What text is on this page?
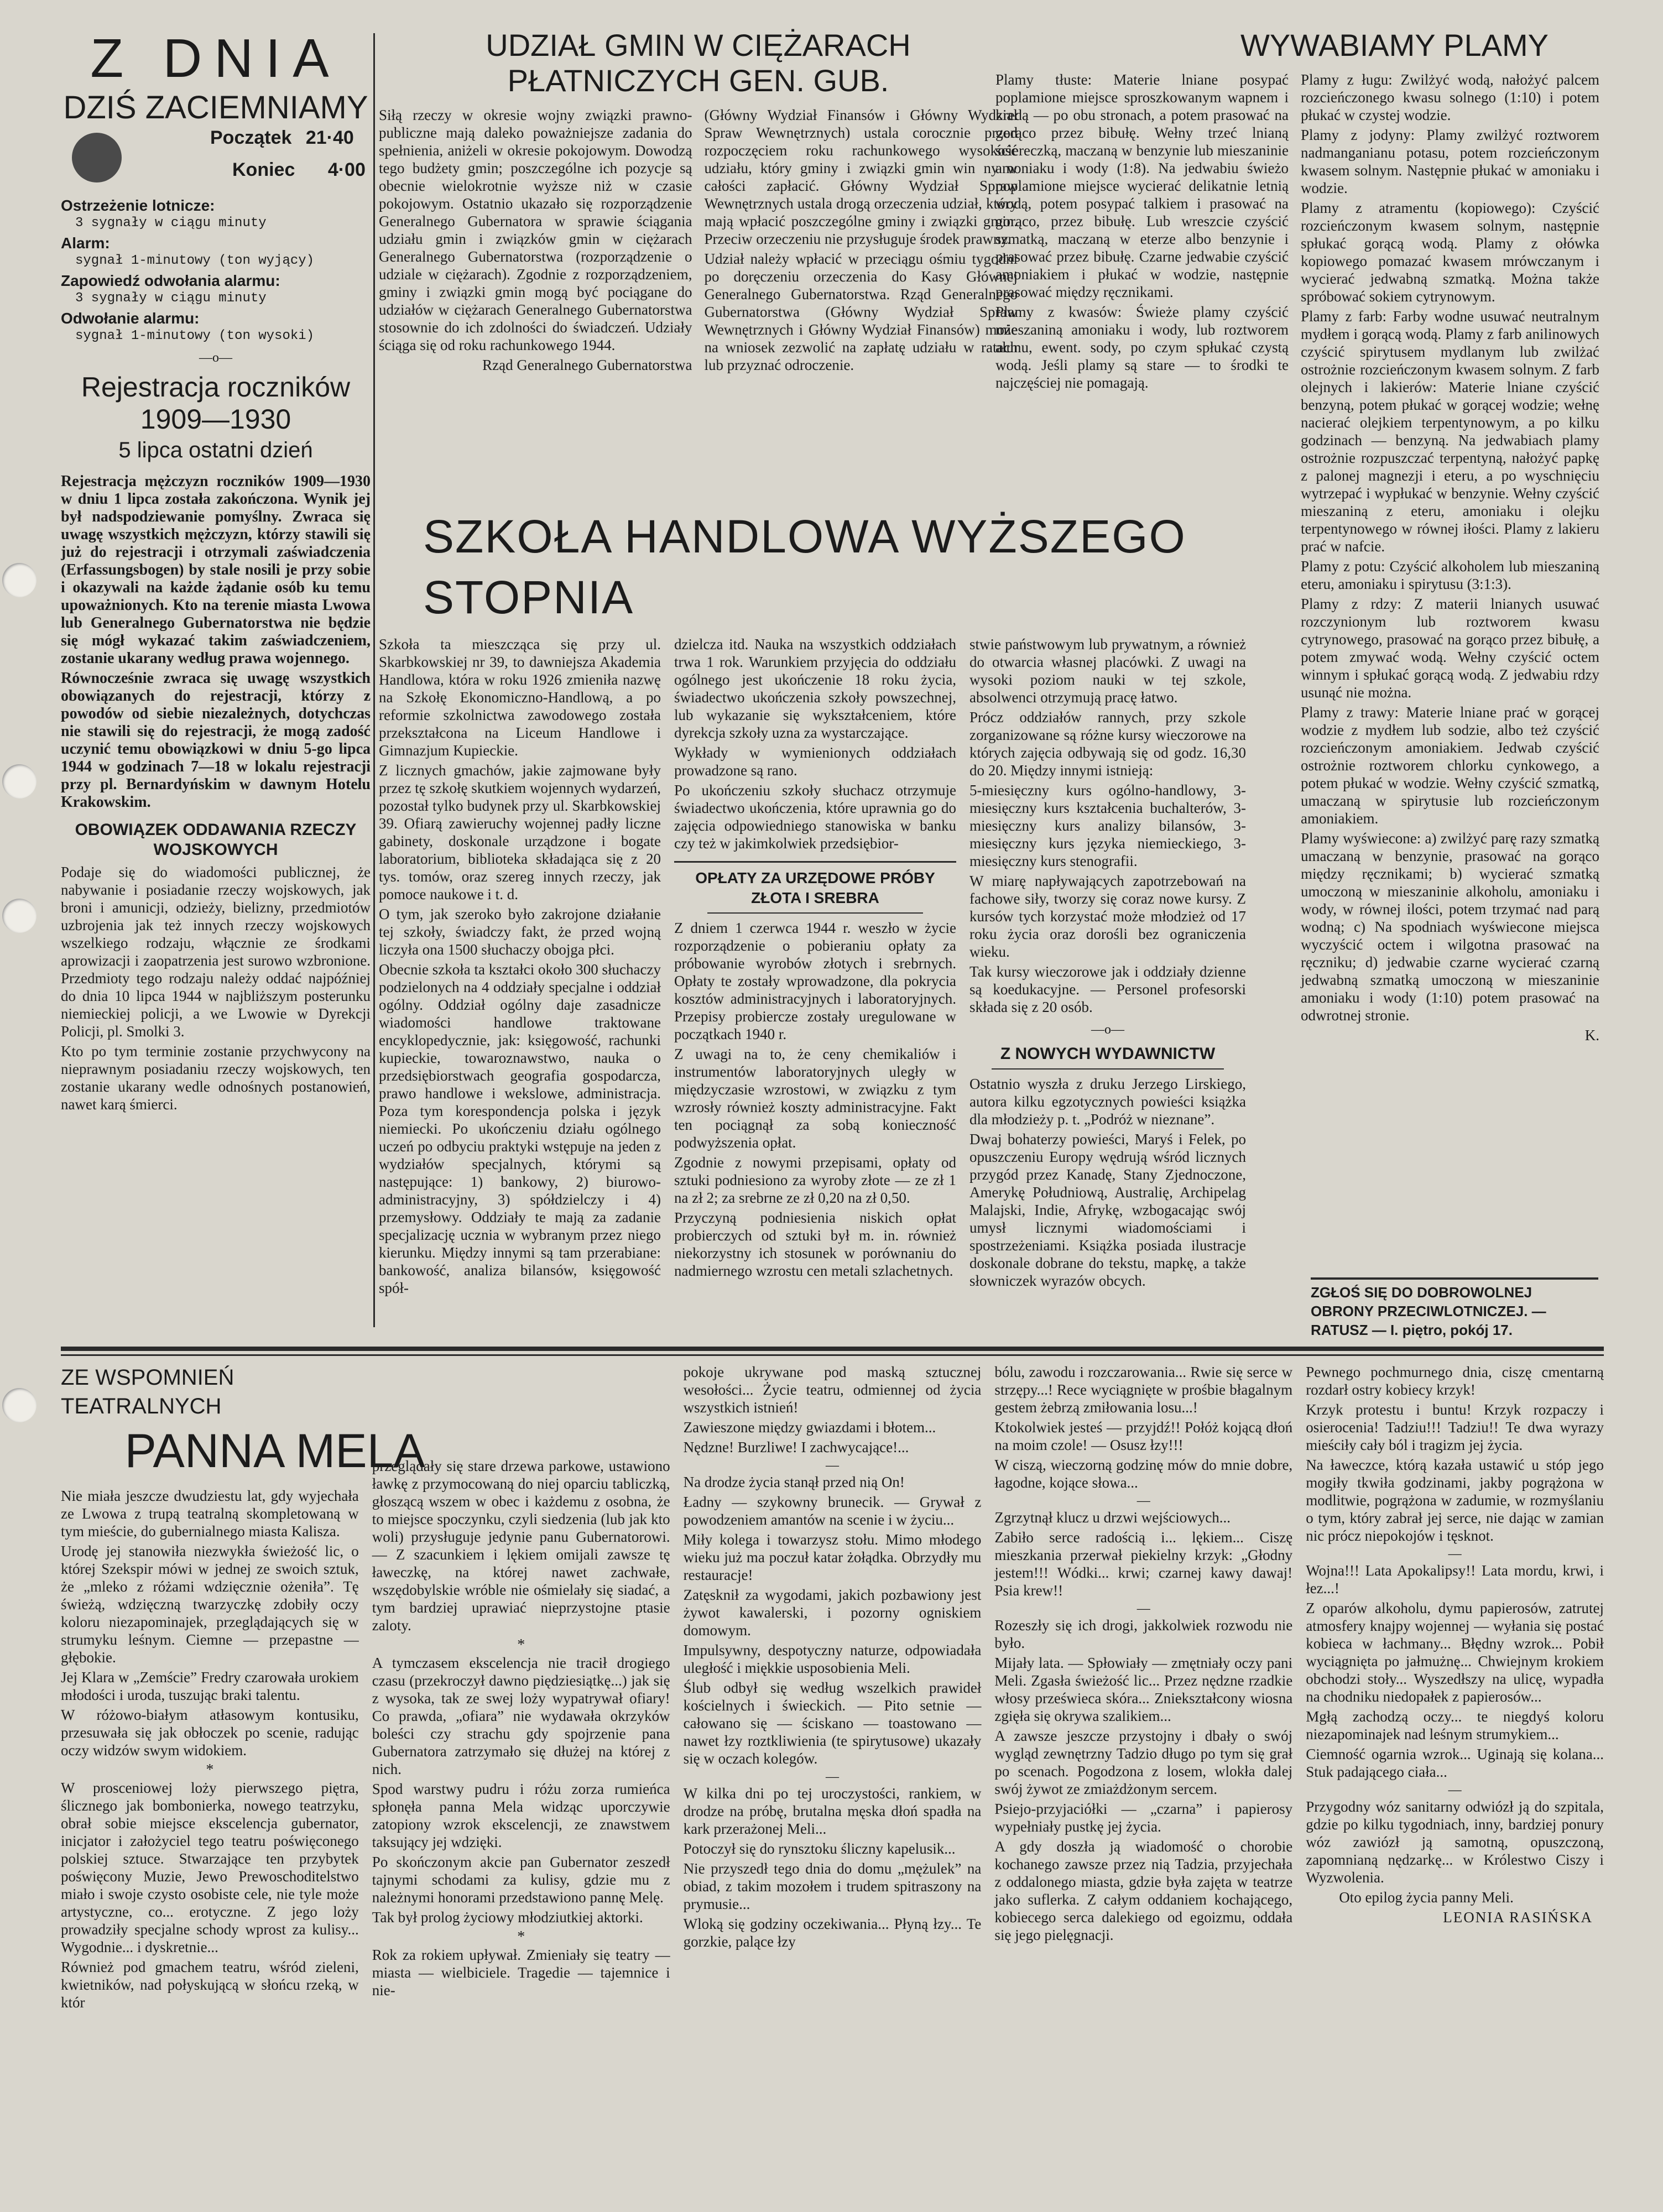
Z DNIA
DZIŚ ZACIEMNIAMY
Początek 21·40
Koniec 4·00
Ostrzeżenie lotnicze:
3 sygnały w ciągu minuty
Alarm:
sygnał 1-minutowy (ton wyjący)
Zapowiedź odwołania alarmu:
3 sygnały w ciągu minuty
Odwołanie alarmu:
sygnał 1-minutowy (ton wysoki)
—o—
Rejestracja roczników 1909—1930
5 lipca ostatni dzień

Rejestracja mężczyzn roczników 1909—1930 w dniu 1 lipca została zakończona. Wynik jej był nadspodziewanie pomyślny. Zwraca się uwagę wszystkich mężczyzn, którzy stawili się już do rejestracji i otrzymali zaświadczenia (Erfassungsbogen) by stale nosili je przy sobie i okazywali na każde żądanie osób ku temu upoważnionych. Kto na terenie miasta Lwowa lub Generalnego Gubernatorstwa nie będzie się mógł wykazać takim zaświadczeniem, zostanie ukarany według prawa wojennego.

Równocześnie zwraca się uwagę wszystkich obowiązanych do rejestracji, którzy z powodów od siebie niezależnych, dotychczas nie stawili się do rejestracji, że mogą zadość uczynić temu obowiązkowi w dniu 5-go lipca 1944 w godzinach 7—18 w lokalu rejestracji przy pl. Bernardyńskim w dawnym Hotelu Krakowskim.

OBOWIĄZEK ODDAWANIA RZECZY WOJSKOWYCH

Podaje się do wiadomości publicznej, że nabywanie i posiadanie rzeczy wojskowych, jak broni i amunicji, odzieży, bielizny, przedmiotów uzbrojenia jak też innych rzeczy wojskowych wszelkiego rodzaju, włącznie ze środkami aprowizacji i zaopatrzenia jest surowo wzbronione. Przedmioty tego rodzaju należy oddać najpóźniej do dnia 10 lipca 1944 w najbliższym posterunku niemieckiej policji, a we Lwowie w Dyrekcji Policji, pl. Smolki 3.

Kto po tym terminie zostanie przychwycony na nieprawnym posiadaniu rzeczy wojskowych, ten zostanie ukarany wedle odnośnych postanowień, nawet karą śmierci.

UDZIAŁ GMIN W CIĘŻARACH PŁATNICZYCH GEN. GUB.

Siłą rzeczy w okresie wojny związki prawno-publiczne mają daleko poważniejsze zadania do spełnienia, aniżeli w okresie pokojowym. Dowodzą tego budżety gmin; poszczególne ich pozycje są obecnie wielokrotnie wyższe niż w czasie pokojowym. Ostatnio ukazało się rozporządzenie Generalnego Gubernatora w sprawie ściągania udziału gmin i związków gmin w ciężarach Generalnego Gubernatorstwa (rozporządzenie o udziale w ciężarach). Zgodnie z rozporządzeniem, gminy i związki gmin mogą być pociągane do udziałów w ciężarach Generalnego Gubernatorstwa stosownie do ich zdolności do świadczeń. Udziały ściąga się od roku rachunkowego 1944.

Rząd Generalnego Gubernatorstwa

(Główny Wydział Finansów i Główny Wydział Spraw Wewnętrznych) ustala corocznie przed rozpoczęciem roku rachunkowego wysokość udziału, który gminy i związki gmin win ny w całości zapłacić. Główny Wydział Spraw Wewnętrznych ustala drogą orzeczenia udział, który mają wpłacić poszczególne gminy i związki gmin. Przeciw orzeczeniu nie przysługuje środek prawny.

Udział należy wpłacić w przeciągu ośmiu tygodni po doręczeniu orzeczenia do Kasy Głównej Generalnego Gubernatorstwa. Rząd Generalnego Gubernatorstwa (Główny Wydział Spraw Wewnętrznych i Główny Wydział Finansów) może na wniosek zezwolić na zapłatę udziału w ratach lub przyznać odroczenie.

SZKOŁA HANDLOWA WYŻSZEGO STOPNIA

Szkoła ta mieszcząca się przy ul. Skarbkowskiej nr 39, to dawniejsza Akademia Handlowa, która w roku 1926 zmieniła nazwę na Szkołę Ekonomiczno-Handlową, a po reformie szkolnictwa zawodowego została przekształcona na Liceum Handlowe i Gimnazjum Kupieckie.

Z licznych gmachów, jakie zajmowane były przez tę szkołę skutkiem wojennych wydarzeń, pozostał tylko budynek przy ul. Skarbkowskiej 39. Ofiarą zawieruchy wojennej padły liczne gabinety, doskonale urządzone i bogate laboratorium, biblioteka składająca się z 20 tys. tomów, oraz szereg innych rzeczy, jak pomoce naukowe i t. d.

O tym, jak szeroko było zakrojone działanie tej szkoły, świadczy fakt, że przed wojną liczyła ona 1500 słuchaczy obojga płci.

Obecnie szkoła ta kształci około 300 słuchaczy podzielonych na 4 oddziały specjalne i oddział ogólny. Oddział ogólny daje zasadnicze wiadomości handlowe traktowane encyklopedycznie, jak: księgowość, rachunki kupieckie, towaroznawstwo, nauka o przedsiębiorstwach geografia gospodarcza, prawo handlowe i wekslowe, administracja. Poza tym korespondencja polska i język niemiecki. Po ukończeniu działu ogólnego uczeń po odbyciu praktyki wstępuje na jeden z wydziałów specjalnych, którymi są następujące: 1) bankowy, 2) biurowo-administracyjny, 3) spółdzielczy i 4) przemysłowy. Oddziały te mają za zadanie specjalizację ucznia w wybranym przez niego kierunku. Między innymi są tam przerabiane: bankowość, analiza bilansów, księgowość spół-

dzielcza itd. Nauka na wszystkich oddziałach trwa 1 rok. Warunkiem przyjęcia do oddziału ogólnego jest ukończenie 18 roku życia, świadectwo ukończenia szkoły powszechnej, lub wykazanie się wykształceniem, które dyrekcja szkoły uzna za wystarczające.

Wykłady w wymienionych oddziałach prowadzone są rano.

Po ukończeniu szkoły słuchacz otrzymuje świadectwo ukończenia, które uprawnia go do zajęcia odpowiedniego stanowiska w banku czy też w jakimkolwiek przedsiębior-

OPŁATY ZA URZĘDOWE PRÓBY ZŁOTA I SREBRA

Z dniem 1 czerwca 1944 r. weszło w życie rozporządzenie o pobieraniu opłaty za próbowanie wyrobów złotych i srebrnych. Opłaty te zostały wprowadzone, dla pokrycia kosztów administracyjnych i laboratoryjnych. Przepisy probiercze zostały uregulowane w początkach 1940 r.

Z uwagi na to, że ceny chemikaliów i instrumentów laboratoryjnych uległy w międzyczasie wzrostowi, w związku z tym wzrosły również koszty administracyjne. Fakt ten pociągnął za sobą konieczność podwyższenia opłat.

Zgodnie z nowymi przepisami, opłaty od sztuki podniesiono za wyroby złote — ze zł 1 na zł 2; za srebrne ze zł 0,20 na zł 0,50.

Przyczyną podniesienia niskich opłat probierczych od sztuki był m. in. również niekorzystny ich stosunek w porównaniu do nadmiernego wzrostu cen metali szlachetnych.

stwie państwowym lub prywatnym, a również do otwarcia własnej placówki. Z uwagi na wysoki poziom nauki w tej szkole, absolwenci otrzymują pracę łatwo.

Prócz oddziałów rannych, przy szkole zorganizowane są różne kursy wieczorowe na których zajęcia odbywają się od godz. 16,30 do 20. Między innymi istnieją:

5-miesięczny kurs ogólno-handlowy, 3-miesięczny kurs kształcenia buchalterów, 3-miesięczny kurs analizy bilansów, 3-miesięczny kurs języka niemieckiego, 3-miesięczny kurs stenografii.

W miarę napływających zapotrzebowań na fachowe siły, tworzy się coraz nowe kursy. Z kursów tych korzystać może młodzież od 17 roku życia oraz dorośli bez ograniczenia wieku.

Tak kursy wieczorowe jak i oddziały dzienne są koedukacyjne. — Personel profesorski składa się z 20 osób.

—o—
Z NOWYCH WYDAWNICTW

Ostatnio wyszła z druku Jerzego Lirskiego, autora kilku egzotycznych powieści książka dla młodzieży p. t. „Podróż w nieznane”.

Dwaj bohaterzy powieści, Maryś i Felek, po opuszczeniu Europy wędrują wśród licznych przygód przez Kanadę, Stany Zjednoczone, Amerykę Południową, Australię, Archipelag Malajski, Indie, Afrykę, wzbogacając swój umysł licznymi wiadomościami i spostrzeżeniami. Książka posiada ilustracje doskonale dobrane do tekstu, mapkę, a także słowniczek wyrazów obcych.

WYWABIAMY PLAMY

Plamy tłuste: Materie lniane posypać poplamione miejsce sproszkowanym wapnem i kredą — po obu stronach, a potem prasować na gorąco przez bibułę. Wełny trzeć lnianą ściereczką, maczaną w benzynie lub mieszaninie amoniaku i wody (1:8). Na jedwabiu świeżo poplamione miejsce wycierać delikatnie letnią wodą, potem posypać talkiem i prasować na gorąco, przez bibułę. Lub wreszcie czyścić szmatką, maczaną w eterze albo benzynie i prasować przez bibułę. Czarne jedwabie czyścić amoniakiem i płukać w wodzie, następnie prasować między ręcznikami.

Plamy z kwasów: Świeże plamy czyścić mieszaniną amoniaku i wody, lub roztworem ałunu, ewent. sody, po czym spłukać czystą wodą. Jeśli plamy są stare — to środki te najczęściej nie pomagają.

Plamy z ługu: Zwilżyć wodą, nałożyć palcem rozcieńczonego kwasu solnego (1:10) i potem płukać w czystej wodzie.

Plamy z jodyny: Plamy zwilżyć roztworem nadmanganianu potasu, potem rozcieńczonym kwasem solnym. Następnie płukać w amoniaku i wodzie.

Plamy z atramentu (kopiowego): Czyścić rozcieńczonym kwasem solnym, następnie spłukać gorącą wodą. Plamy z ołówka kopiowego pomazać kwasem mrówczanym i wycierać jedwabną szmatką. Można także spróbować sokiem cytrynowym.

Plamy z farb: Farby wodne usuwać neutralnym mydłem i gorącą wodą. Plamy z farb anilinowych czyścić spirytusem mydlanym lub zwilżać ostrożnie rozcieńczonym kwasem solnym. Z farb olejnych i lakierów: Materie lniane czyścić benzyną, potem płukać w gorącej wodzie; wełnę nacierać olejkiem terpentynowym, a po kilku godzinach — benzyną. Na jedwabiach plamy ostrożnie rozpuszczać terpentyną, nałożyć papkę z palonej magnezji i eteru, a po wyschnięciu wytrzepać i wypłukać w benzynie. Wełny czyścić mieszaniną z eteru, amoniaku i olejku terpentynowego w równej iłości. Plamy z lakieru prać w nafcie.

Plamy z potu: Czyścić alkoholem lub mieszaniną eteru, amoniaku i spirytusu (3:1:3).

Plamy z rdzy: Z materii lnianych usuwać rozczynionym lub roztworem kwasu cytrynowego, prasować na gorąco przez bibułę, a potem zmywać wodą. Wełny czyścić octem winnym i spłukać gorącą wodą. Z jedwabiu rdzy usunąć nie można.

Plamy z trawy: Materie lniane prać w gorącej wodzie z mydłem lub sodzie, albo też czyścić rozcieńczonym amoniakiem. Jedwab czyścić ostrożnie roztworem chlorku cynkowego, a potem płukać w wodzie. Wełny czyścić szmatką, umaczaną w spirytusie lub rozcieńczonym amoniakiem.

Plamy wyświecone: a) zwilżyć parę razy szmatką umaczaną w benzynie, prasować na gorąco między ręcznikami; b) wycierać szmatką umoczoną w mieszaninie alkoholu, amoniaku i wody, w równej ilości, potem trzymać nad parą wodną; c) Na spodniach wyświecone miejsca wyczyścić octem i wilgotna prasować na ręczniku; d) jedwabie czarne wycierać czarną jedwabną szmatką umoczoną w mieszaninie amoniaku i wody (1:10) potem prasować na odwrotnej stronie.

K.

ZGŁOŚ SIĘ DO DOBROWOLNEJ OBRONY PRZECIWLOTNICZEJ. — RATUSZ — I. piętro, pokój 17.
ZE WSPOMNIEŃ TEATRALNYCH
PANNA MELA

Nie miała jeszcze dwudziestu lat, gdy wyjechała ze Lwowa z trupą teatralną skompletowaną w tym mieście, do gubernialnego miasta Kalisza.

Urodę jej stanowiła niezwykła świeżość lic, o której Szekspir mówi w jednej ze swoich sztuk, że „mleko z różami wdzięcznie ożeniła”. Tę świeżą, wdzięczną twarzyczkę zdobiły oczy koloru niezapominajek, przeglądających się w strumyku leśnym. Ciemne — przepastne — głębokie.

Jej Klara w „Zemście” Fredry czarowała urokiem młodości i uroda, tuszując braki talentu.

W różowo-białym atłasowym kontusiku, przesuwała się jak obłoczek po scenie, radując oczy widzów swym widokiem.

*

W prosceniowej loży pierwszego piętra, ślicznego jak bombonierka, nowego teatrzyku, obrał sobie miejsce ekscelencja gubernator, inicjator i założyciel tego teatru poświęconego polskiej sztuce. Stwarzające ten przybytek poświęcony Muzie, Jewo Prewoschoditelstwo miało i swoje czysto osobiste cele, nie tyle może artystyczne, co... erotyczne. Z jego loży prowadziły specjalne schody wprost za kulisy... Wygodnie... i dyskretnie...

Również pod gmachem teatru, wśród zieleni, kwietników, nad połyskującą w słońcu rzeką, w któr

przeglądały się stare drzewa parkowe, ustawiono ławkę z przymocowaną do niej oparciu tabliczką, głoszącą wszem w obec i każdemu z osobna, że to miejsce spoczynku, czyli siedzenia (lub jak kto woli) przysługuje jedynie panu Gubernatorowi. — Z szacunkiem i lękiem omijali zawsze tę ławeczkę, na której nawet zachwałe, wszędobylskie wróble nie ośmielały się siadać, a tym bardziej uprawiać nieprzystojne ptasie zaloty.

*

A tymczasem ekscelencja nie tracił drogiego czasu (przekroczył dawno piędziesiątkę...) jak się z wysoka, tak ze swej loży wypatrywał ofiary! Co prawda, „ofiara” nie wydawała okrzyków boleści czy strachu gdy spojrzenie pana Gubernatora zatrzymało się dłużej na której z nich.

Spod warstwy pudru i różu zorza rumieńca spłonęła panna Mela widząc uporczywie zatopiony wzrok ekscelencji, ze znawstwem taksujący jej wdzięki.

Po skończonym akcie pan Gubernator zeszedł tajnymi schodami za kulisy, gdzie mu z należnymi honorami przedstawiono pannę Melę.

Tak był prolog życiowy młodziutkiej aktorki.

*

Rok za rokiem upływał. Zmieniały się teatry — miasta — wielbiciele. Tragedie — tajemnice i nie-

pokoje ukrywane pod maską sztucznej wesołości... Życie teatru, odmiennej od życia wszystkich istnień!

Zawieszone między gwiazdami i błotem...

Nędzne! Burzliwe! I zachwycające!...

—

Na drodze życia stanął przed nią On!

Ładny — szykowny brunecik. — Grywał z powodzeniem amantów na scenie i w życiu...

Miły kolega i towarzysz stołu. Mimo młodego wieku już ma poczuł katar żołądka. Obrzydły mu restauracje!

Zatęsknił za wygodami, jakich pozbawiony jest żywot kawalerski, i pozorny ogniskiem domowym.

Impulsywny, despotyczny naturze, odpowiadała uległość i miękkie usposobienia Meli.

Ślub odbył się według wszelkich prawideł kościelnych i świeckich. — Pito setnie — całowano się — ściskano — toastowano — nawet łzy roztkliwienia (te spirytusowe) ukazały się w oczach kolegów.

—

W kilka dni po tej uroczystości, rankiem, w drodze na próbę, brutalna męska dłoń spadła na kark przerażonej Meli...

Potoczył się do rynsztoku śliczny kapelusik...

Nie przyszedł tego dnia do domu „mężulek” na obiad, z takim mozołem i trudem spitraszony na prymusie...

Wloką się godziny oczekiwania... Płyną łzy... Te gorzkie, palące łzy

bólu, zawodu i rozczarowania... Rwie się serce w strzępy...! Rece wyciągnięte w prośbie błagalnym gestem żebrzą zmiłowania losu...!

Ktokolwiek jesteś — przyjdź!! Połóż kojącą dłoń na moim czole! — Osusz łzy!!!

W ciszą, wieczorną godzinę mów do mnie dobre, łagodne, kojące słowa...

—

Zgrzytnął klucz u drzwi wejściowych...

Zabiło serce radością i... lękiem... Ciszę mieszkania przerwał piekielny krzyk: „Głodny jestem!!! Wódki... krwi; czarnej kawy dawaj! Psia krew!!

—

Rozeszły się ich drogi, jakkolwiek rozwodu nie było.

Mijały lata. — Spłowiały — zmętniały oczy pani Meli. Zgasła świeżość lic... Przez nędzne rzadkie włosy prześwieca skóra... Zniekształcony wiosna zgięła się okrywa szalikiem...

A zawsze jeszcze przystojny i dbały o swój wygląd zewnętrzny Tadzio długo po tym się grał po scenach. Pogodzona z losem, wlokła dalej swój żywot ze zmiażdżonym sercem.

Psiejo-przyjaciółki — „czarna” i papierosy wypełniały pustkę jej życia.

A gdy doszła ją wiadomość o chorobie kochanego zawsze przez nią Tadzia, przyjechała z oddalonego miasta, gdzie była zajęta w teatrze jako suflerka. Z całym oddaniem kochającego, kobiecego serca dalekiego od egoizmu, oddała się jego pielęgnacji.

Pewnego pochmurnego dnia, ciszę cmentarną rozdarł ostry kobiecy krzyk!

Krzyk protestu i buntu! Krzyk rozpaczy i osierocenia! Tadziu!!! Tadziu!! Te dwa wyrazy mieściły cały ból i tragizm jej życia.

Na ławeczce, którą kazała ustawić u stóp jego mogiły tkwiła godzinami, jakby pogrążona w modlitwie, pogrążona w zadumie, w rozmyślaniu o tym, który zabrał jej serce, nie dając w zamian nic prócz niepokojów i tęsknot.

—

Wojna!!! Lata Apokalipsy!! Lata mordu, krwi, i łez...!

Z oparów alkoholu, dymu papierosów, zatrutej atmosfery knajpy wojennej — wyłania się postać kobieca w łachmany... Błędny wzrok... Pobił wyciągnięta po jałmużnę... Chwiejnym krokiem obchodzi stoły... Wyszedłszy na ulicę, wypadła na chodniku niedopałek z papierosów...

Mgłą zachodzą oczy... te niegdyś koloru niezapominajek nad leśnym strumykiem...

Ciemność ogarnia wzrok... Uginają się kolana... Stuk padającego ciała...

—

Przygodny wóz sanitarny odwiózł ją do szpitala, gdzie po kilku tygodniach, inny, bardziej ponury wóz zawiózł ją samotną, opuszczoną, zapomnianą nędzarkę... w Królestwo Ciszy i Wyzwolenia.

Oto epilog życia panny Meli.

LEONIA RASIŃSKA
